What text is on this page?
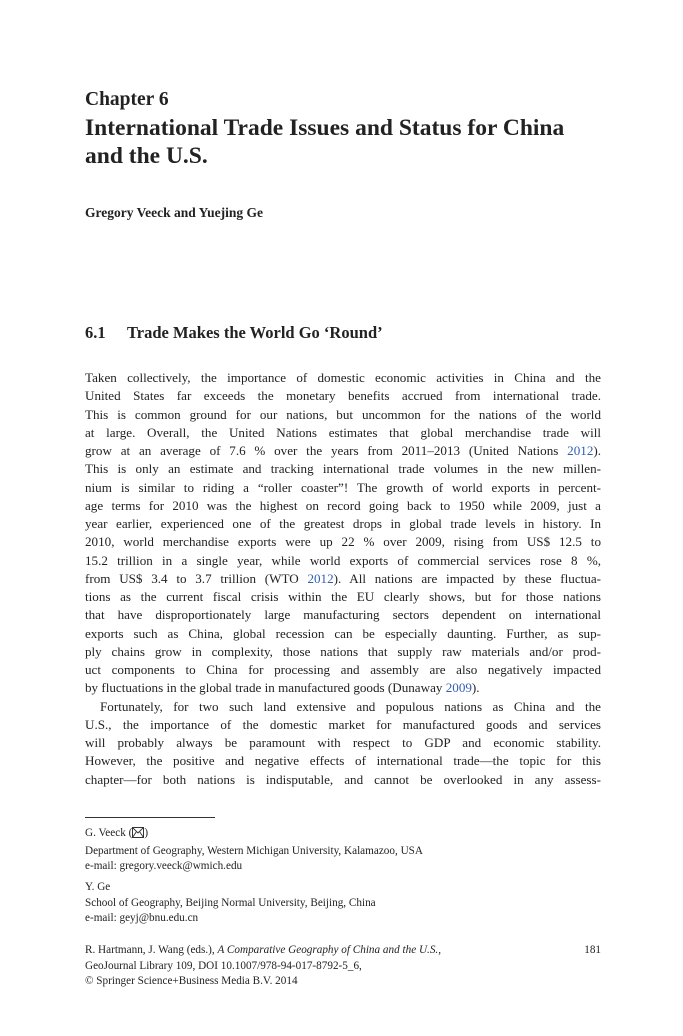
Chapter 6
International Trade Issues and Status for China
and the U.S.
Gregory Veeck and Yuejing Ge
6.1 Trade Makes the World Go ‘Round’

Taken collectively, the importance of domestic economic activities in China and the
United States far exceeds the monetary benefits accrued from international trade.
This is common ground for our nations, but uncommon for the nations of the world
at large. Overall, the United Nations estimates that global merchandise trade will
grow at an average of 7.6 % over the years from 2011–2013 (United Nations 2012).
This is only an estimate and tracking international trade volumes in the new millen-
nium is similar to riding a “roller coaster”! The growth of world exports in percent-
age terms for 2010 was the highest on record going back to 1950 while 2009, just a
year earlier, experienced one of the greatest drops in global trade levels in history. In
2010, world merchandise exports were up 22 % over 2009, rising from US$ 12.5 to
15.2 trillion in a single year, while world exports of commercial services rose 8 %,
from US$ 3.4 to 3.7 trillion (WTO 2012). All nations are impacted by these fluctua-
tions as the current fiscal crisis within the EU clearly shows, but for those nations
that have disproportionately large manufacturing sectors dependent on international
exports such as China, global recession can be especially daunting. Further, as sup-
ply chains grow in complexity, those nations that supply raw materials and/or prod-
uct components to China for processing and assembly are also negatively impacted
by fluctuations in the global trade in manufactured goods (Dunaway 2009).

Fortunately, for two such land extensive and populous nations as China and the
U.S., the importance of the domestic market for manufactured goods and services
will probably always be paramount with respect to GDP and economic stability.
However, the positive and negative effects of international trade—the topic for this
chapter—for both nations is indisputable, and cannot be overlooked in any assess-

G. Veeck ( )
Department of Geography, Western Michigan University, Kalamazoo, USA
e-mail: gregory.veeck@wmich.edu
Y. Ge
School of Geography, Beijing Normal University, Beijing, China
e-mail: geyj@bnu.edu.cn
R. Hartmann, J. Wang (eds.), A Comparative Geography of China and the U.S.,
GeoJournal Library 109, DOI 10.1007/978-94-017-8792-5_6,
© Springer Science+Business Media B.V. 2014
181
